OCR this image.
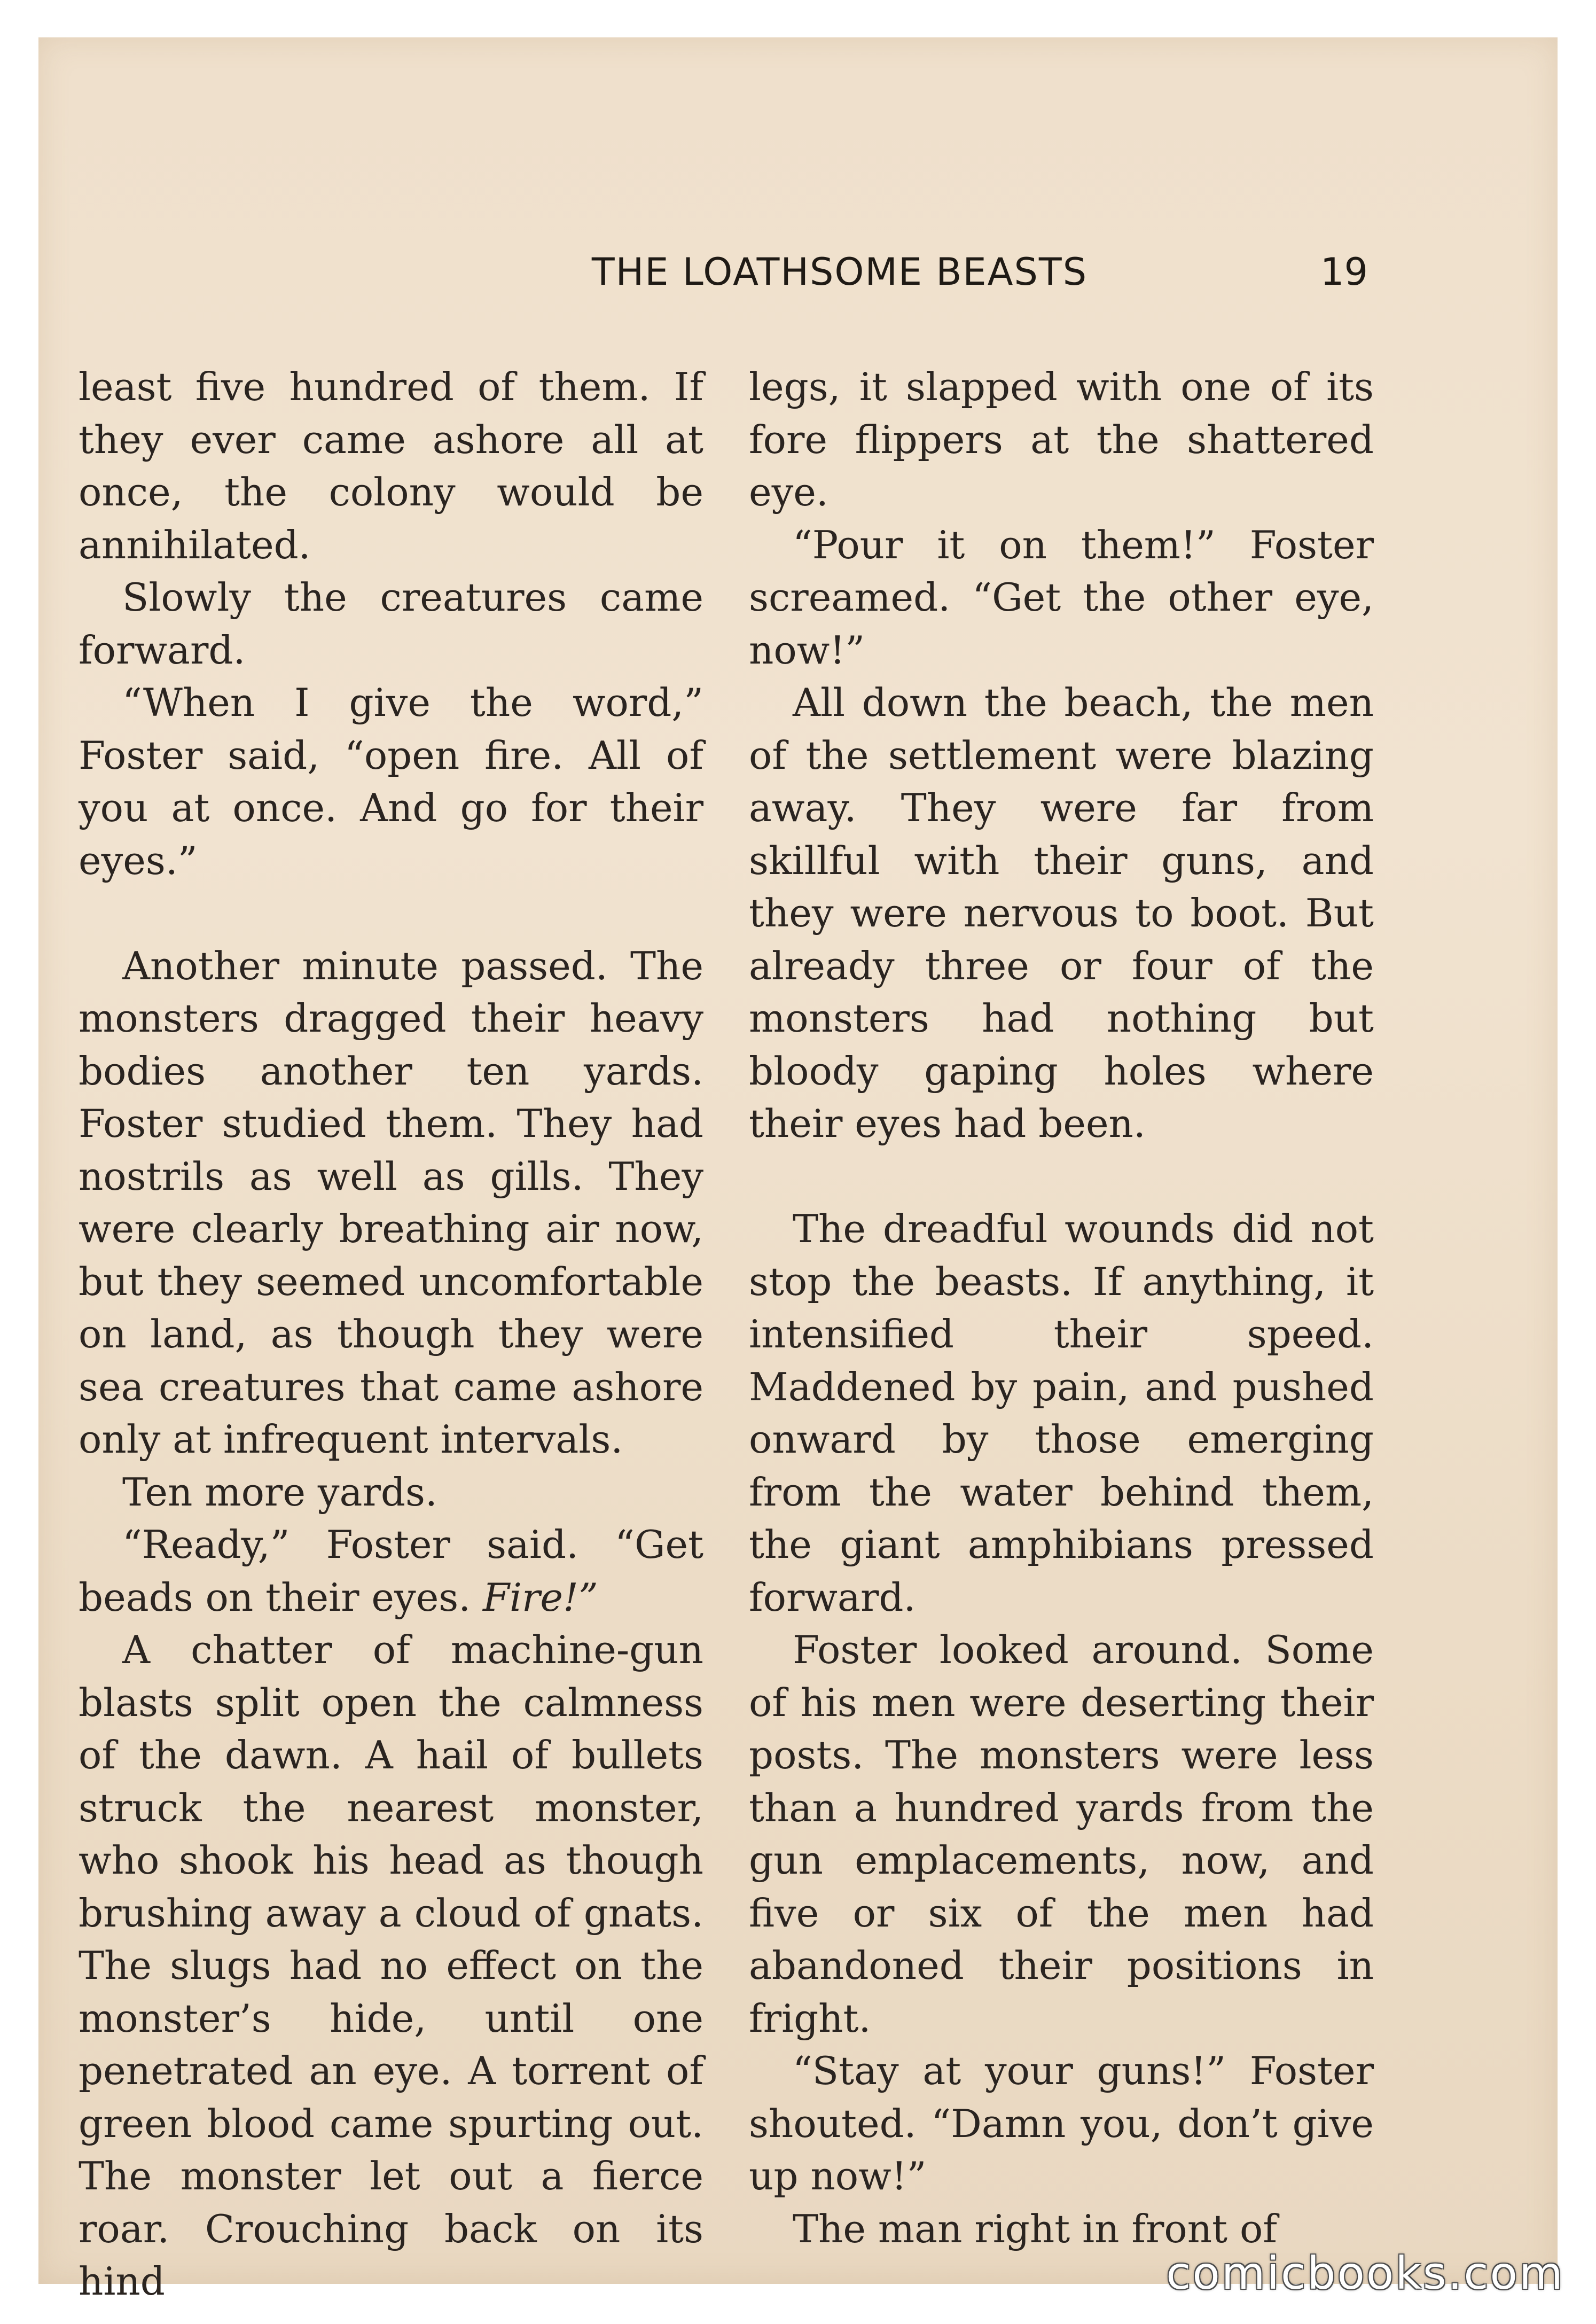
THE LOATHSOME BEASTS	19

least five hundred of them. If they ever came ashore all at once, the colony would be annihilated.

Slowly the creatures came forward.

“When I give the word,” Foster said, “open fire. All of you at once. And go for their eyes.”

Another minute passed. The monsters dragged their heavy bodies another ten yards. Foster studied them. They had nostrils as well as gills. They were clearly breathing air now, but they seemed uncomfortable on land, as though they were sea creatures that came ashore only at infrequent intervals.

Ten more yards.

“Ready,” Foster said. “Get beads on their eyes. Fire!”

A chatter of machine-gun blasts split open the calmness of the dawn. A hail of bullets struck the nearest monster, who shook his head as though brushing away a cloud of gnats. The slugs had no effect on the monster’s hide, until one penetrated an eye. A torrent of green blood came spurting out. The monster let out a fierce roar. Crouching back on its hind

legs, it slapped with one of its fore flippers at the shattered eye.

“Pour it on them!” Foster screamed. “Get the other eye, now!”

All down the beach, the men of the settlement were blazing away. They were far from skillful with their guns, and they were nervous to boot. But already three or four of the monsters had nothing but bloody gaping holes where their eyes had been.

The dreadful wounds did not stop the beasts. If anything, it intensified their speed. Maddened by pain, and pushed onward by those emerging from the water behind them, the giant amphibians pressed forward.

Foster looked around. Some of his men were deserting their posts. The monsters were less than a hundred yards from the gun emplacements, now, and five or six of the men had abandoned their positions in fright.

“Stay at your guns!” Foster shouted. “Damn you, don’t give up now!”

The man right in front of

comicbooks.com
